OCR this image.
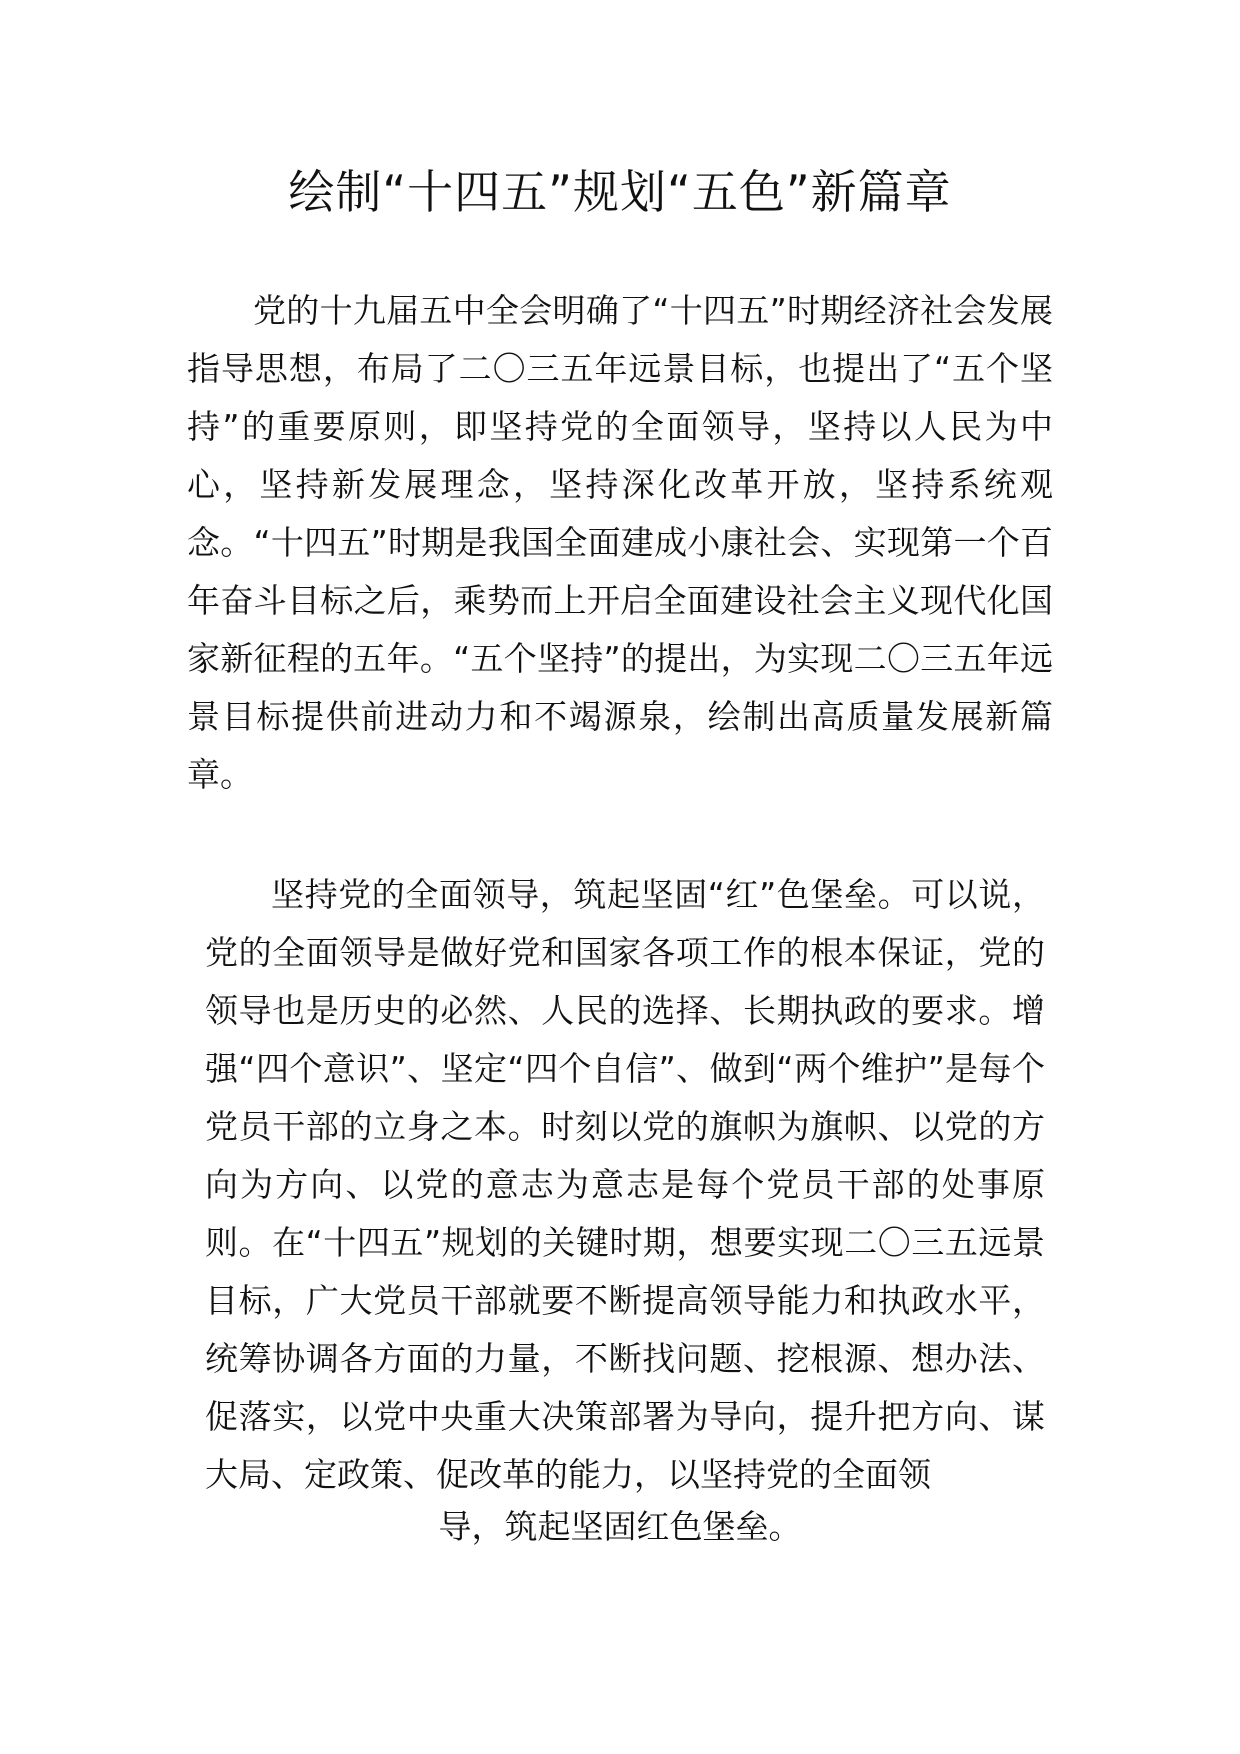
绘制“十四五”规划“五色”新篇章

党的十九届五中全会明确了“十四五”时期经济社会发展指导思想，布局了二〇三五年远景目标，也提出了“五个坚持”的重要原则，即坚持党的全面领导，坚持以人民为中心，坚持新发展理念，坚持深化改革开放，坚持系统观念。“十四五”时期是我国全面建成小康社会、实现第一个百年奋斗目标之后，乘势而上开启全面建设社会主义现代化国家新征程的五年。“五个坚持”的提出，为实现二〇三五年远景目标提供前进动力和不竭源泉，绘制出高质量发展新篇章。

坚持党的全面领导，筑起坚固“红”色堡垒。可以说，党的全面领导是做好党和国家各项工作的根本保证，党的领导也是历史的必然、人民的选择、长期执政的要求。增强“四个意识”、坚定“四个自信”、做到“两个维护”是每个党员干部的立身之本。时刻以党的旗帜为旗帜、以党的方向为方向、以党的意志为意志是每个党员干部的处事原则。在“十四五”规划的关键时期，想要实现二〇三五远景目标，广大党员干部就要不断提高领导能力和执政水平，统筹协调各方面的力量，不断找问题、挖根源、想办法、促落实，以党中央重大决策部署为导向，提升把方向、谋大局、定政策、促改革的能力，以坚持党的全面领

导，筑起坚固红色堡垒。
